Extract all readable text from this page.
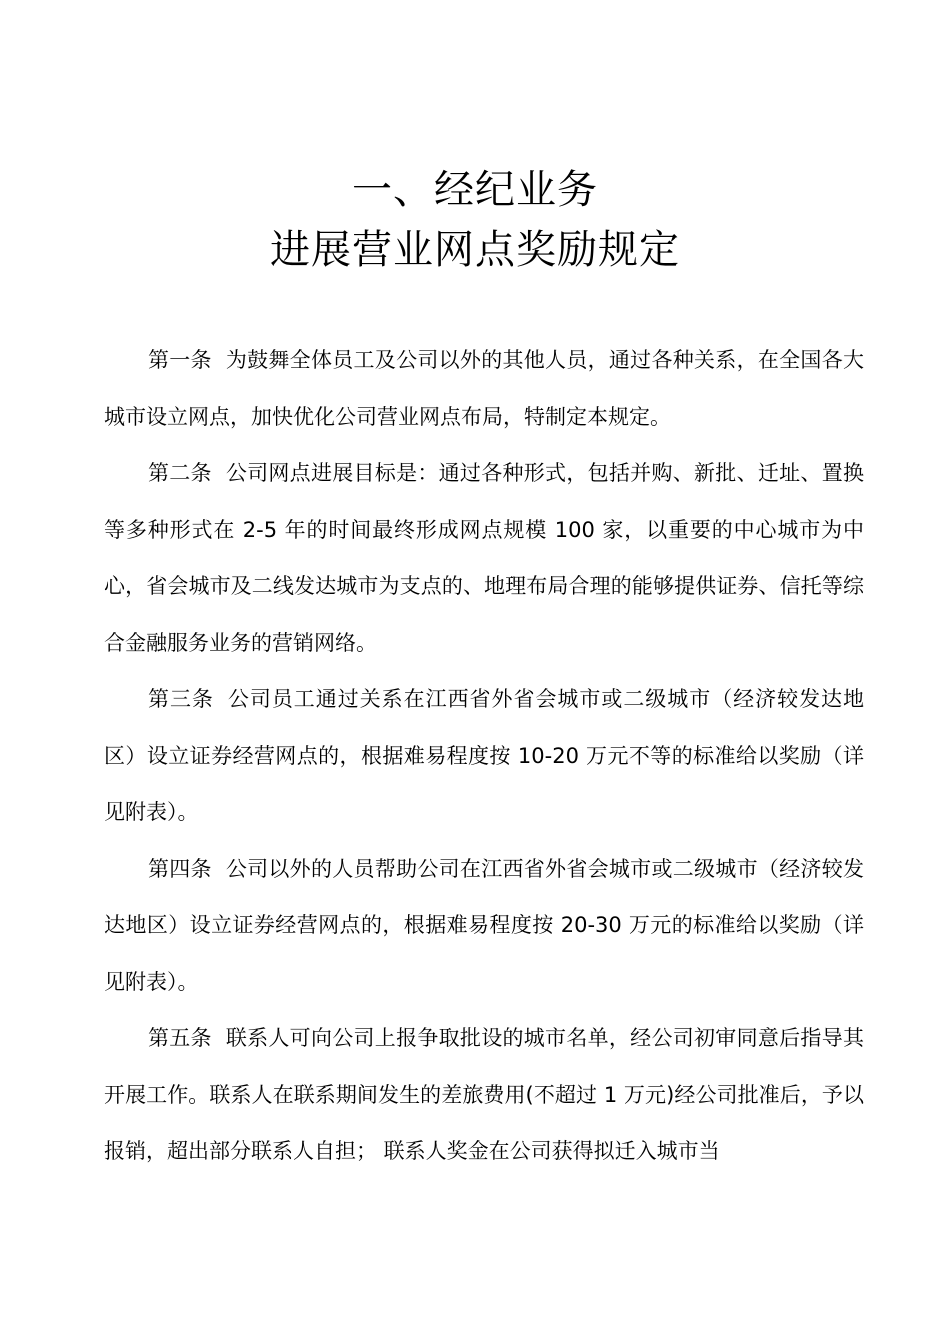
一、经纪业务
进展营业网点奖励规定

第一条 为鼓舞全体员工及公司以外的其他人员，通过各种关系，在全国各大城市设立网点，加快优化公司营业网点布局，特制定本规定。

第二条 公司网点进展目标是：通过各种形式，包括并购、新批、迁址、置换等多种形式在 2-5 年的时间最终形成网点规模 100 家，以重要的中心城市为中心，省会城市及二线发达城市为支点的、地理布局合理的能够提供证券、信托等综合金融服务业务的营销网络。

第三条 公司员工通过关系在江西省外省会城市或二级城市（经济较发达地区）设立证券经营网点的，根据难易程度按 10-20 万元不等的标准给以奖励（详见附表）。

第四条 公司以外的人员帮助公司在江西省外省会城市或二级城市（经济较发达地区）设立证券经营网点的，根据难易程度按 20-30 万元的标准给以奖励（详见附表）。

第五条 联系人可向公司上报争取批设的城市名单，经公司初审同意后指导其开展工作。联系人在联系期间发生的差旅费用(不超过 1 万元)经公司批准后，予以报销，超出部分联系人自担； 联系人奖金在公司获得拟迁入城市当
